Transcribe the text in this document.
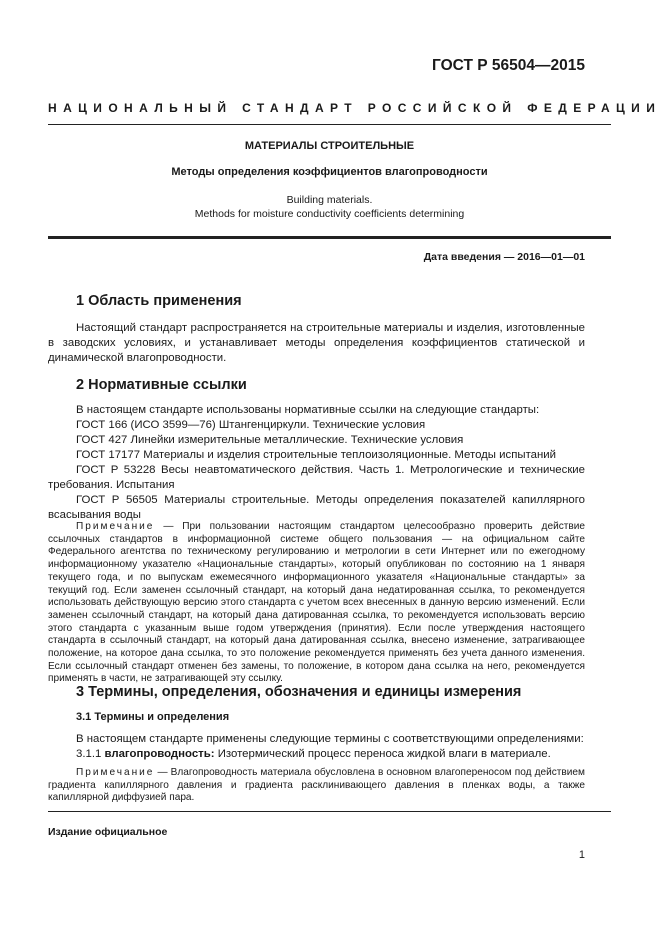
ГОСТ Р 56504—2015
НАЦИОНАЛЬНЫЙ СТАНДАРТ РОССИЙСКОЙ ФЕДЕРАЦИИ
МАТЕРИАЛЫ СТРОИТЕЛЬНЫЕ
Методы определения коэффициентов влагопроводности
Building materials.
Methods for moisture conductivity coefficients determining
Дата введения — 2016—01—01
1 Область применения
Настоящий стандарт распространяется на строительные материалы и изделия, изготовленные в заводских условиях, и устанавливает методы определения коэффициентов статической и динамической влагопроводности.
2 Нормативные ссылки
В настоящем стандарте использованы нормативные ссылки на следующие стандарты:
ГОСТ 166 (ИСО 3599—76) Штангенциркули. Технические условия
ГОСТ 427 Линейки измерительные металлические. Технические условия
ГОСТ 17177 Материалы и изделия строительные теплоизоляционные. Методы испытаний
ГОСТ Р 53228 Весы неавтоматического действия. Часть 1. Метрологические и технические требования. Испытания
ГОСТ Р 56505 Материалы строительные. Методы определения показателей капиллярного всасывания воды
Примечание — При пользовании настоящим стандартом целесообразно проверить действие ссылочных стандартов в информационной системе общего пользования — на официальном сайте Федерального агентства по техническому регулированию и метрологии в сети Интернет или по ежегодному информационному указателю «Национальные стандарты», который опубликован по состоянию на 1 января текущего года, и по выпускам ежемесячного информационного указателя «Национальные стандарты» за текущий год. Если заменен ссылочный стандарт, на который дана недатированная ссылка, то рекомендуется использовать действующую версию этого стандарта с учетом всех внесенных в данную версию изменений. Если заменен ссылочный стандарт, на который дана датированная ссылка, то рекомендуется использовать версию этого стандарта с указанным выше годом утверждения (принятия). Если после утверждения настоящего стандарта в ссылочный стандарт, на который дана датированная ссылка, внесено изменение, затрагивающее положение, на которое дана ссылка, то это положение рекомендуется применять без учета данного изменения. Если ссылочный стандарт отменен без замены, то положение, в котором дана ссылка на него, рекомендуется применять в части, не затрагивающей эту ссылку.
3 Термины, определения, обозначения и единицы измерения
3.1 Термины и определения
В настоящем стандарте применены следующие термины с соответствующими определениями:
3.1.1 влагопроводность: Изотермический процесс переноса жидкой влаги в материале.
Примечание — Влагопроводность материала обусловлена в основном влагопереносом под действием градиента капиллярного давления и градиента расклинивающего давления в пленках воды, а также капиллярной диффузией пара.
Издание официальное
1
